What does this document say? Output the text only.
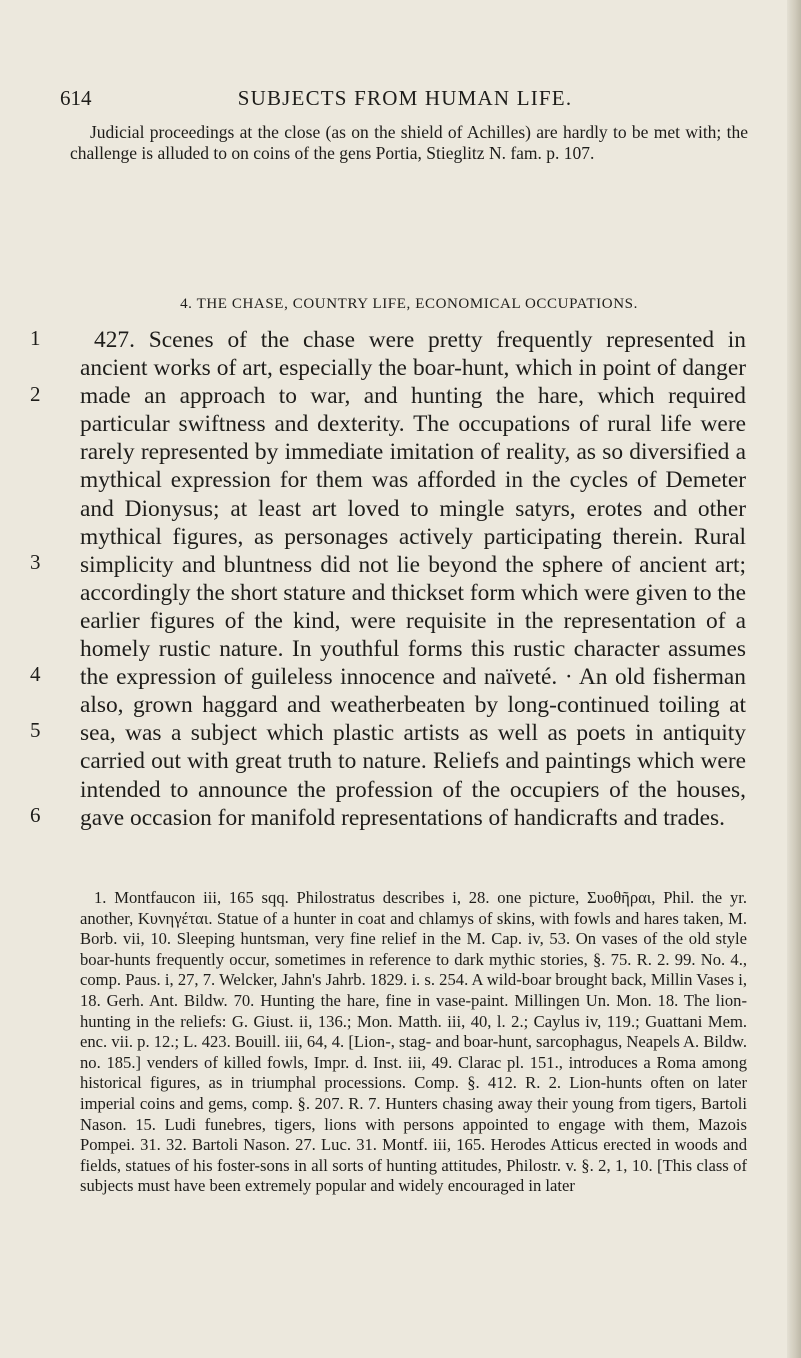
614	SUBJECTS FROM HUMAN LIFE.

Judicial proceedings at the close (as on the shield of Achilles) are hardly to be met with; the challenge is alluded to on coins of the gens Portia, Stieglitz N. fam. p. 107.

4. THE CHASE, COUNTRY LIFE, ECONOMICAL OCCUPATIONS.

427. Scenes of the chase were pretty frequently represented in ancient works of art, especially the boar-hunt, which in point of danger made an approach to war, and hunting the hare, which required particular swiftness and dexterity. The occupations of rural life were rarely represented by immediate imitation of reality, as so diversified a mythical expression for them was afforded in the cycles of Demeter and Dionysus; at least art loved to mingle satyrs, erotes and other mythical figures, as personages actively participating therein. Rural simplicity and bluntness did not lie beyond the sphere of ancient art; accordingly the short stature and thickset form which were given to the earlier figures of the kind, were requisite in the representation of a homely rustic nature. In youthful forms this rustic character assumes the expression of guileless innocence and naïveté. · An old fisherman also, grown haggard and weatherbeaten by long-continued toiling at sea, was a subject which plastic artists as well as poets in antiquity carried out with great truth to nature. Reliefs and paintings which were intended to announce the profession of the occupiers of the houses, gave occasion for manifold representations of handicrafts and trades.

1. Montfaucon iii, 165 sqq. Philostratus describes i, 28. one picture, Συοθῆραι, Phil. the yr. another, Κυνηγέται. Statue of a hunter in coat and chlamys of skins, with fowls and hares taken, M. Borb. vii, 10. Sleeping huntsman, very fine relief in the M. Cap. iv, 53. On vases of the old style boar-hunts frequently occur, sometimes in reference to dark mythic stories, §. 75. R. 2. 99. No. 4., comp. Paus. i, 27, 7. Welcker, Jahn's Jahrb. 1829. i. s. 254. A wild-boar brought back, Millin Vases i, 18. Gerh. Ant. Bildw. 70. Hunting the hare, fine in vase-paint. Millingen Un. Mon. 18. The lion-hunting in the reliefs: G. Giust. ii, 136.; Mon. Matth. iii, 40, l. 2.; Caylus iv, 119.; Guattani Mem. enc. vii. p. 12.; L. 423. Bouill. iii, 64, 4. [Lion-, stag- and boar-hunt, sarcophagus, Neapels A. Bildw. no. 185.] venders of killed fowls, Impr. d. Inst. iii, 49. Clarac pl. 151., introduces a Roma among historical figures, as in triumphal processions. Comp. §. 412. R. 2. Lion-hunts often on later imperial coins and gems, comp. §. 207. R. 7. Hunters chasing away their young from tigers, Bartoli Nason. 15. Ludi funebres, tigers, lions with persons appointed to engage with them, Mazois Pompei. 31. 32. Bartoli Nason. 27. Luc. 31. Montf. iii, 165. Herodes Atticus erected in woods and fields, statues of his foster-sons in all sorts of hunting attitudes, Philostr. v. §. 2, 1, 10. [This class of subjects must have been extremely popular and widely encouraged in later

1
2
3
4
5
6
